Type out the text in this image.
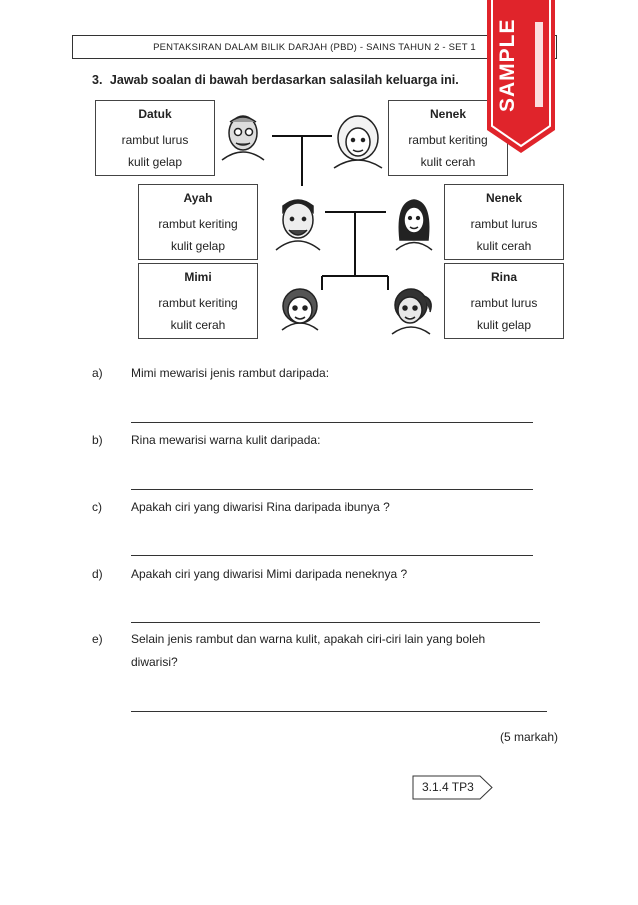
PENTAKSIRAN DALAM BILIK DARJAH (PBD) - SAINS TAHUN 2 - SET 1
3. Jawab soalan di bawah berdasarkan salasilah keluarga ini.
Datuk
rambut lurus
kulit gelap
Nenek
rambut keriting
kulit cerah
Ayah
rambut keriting
kulit gelap
Nenek
rambut lurus
kulit cerah
Mimi
rambut keriting
kulit cerah
Rina
rambut lurus
kulit gelap
a) Mimi mewarisi jenis rambut daripada:
b) Rina mewarisi warna kulit daripada:
c) Apakah ciri yang diwarisi Rina daripada ibunya ?
d) Apakah ciri yang diwarisi Mimi daripada neneknya ?
e) Selain jenis rambut dan warna kulit, apakah ciri-ciri lain yang boleh
diwarisi?
(5 markah)
3.1.4 TP3
SAMPLE
